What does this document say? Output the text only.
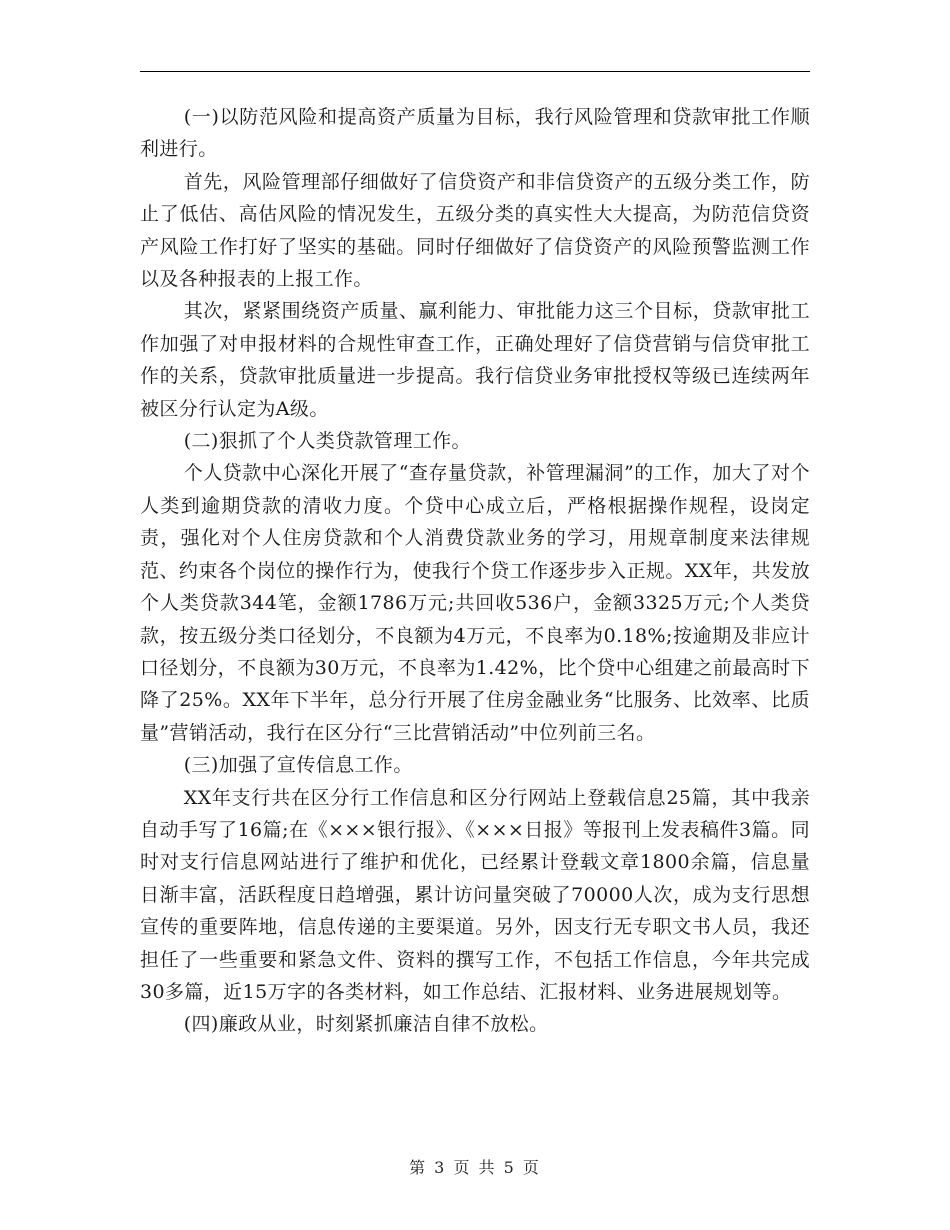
(一)以防范风险和提高资产质量为目标，我行风险管理和贷款审批工作顺利进行。

首先，风险管理部仔细做好了信贷资产和非信贷资产的五级分类工作，防止了低估、高估风险的情况发生，五级分类的真实性大大提高，为防范信贷资产风险工作打好了坚实的基础。同时仔细做好了信贷资产的风险预警监测工作以及各种报表的上报工作。

其次，紧紧围绕资产质量、赢利能力、审批能力这三个目标，贷款审批工作加强了对申报材料的合规性审查工作，正确处理好了信贷营销与信贷审批工作的关系，贷款审批质量进一步提高。我行信贷业务审批授权等级已连续两年被区分行认定为A级。

(二)狠抓了个人类贷款管理工作。

个人贷款中心深化开展了“查存量贷款，补管理漏洞”的工作，加大了对个人类到逾期贷款的清收力度。个贷中心成立后，严格根据操作规程，设岗定责，强化对个人住房贷款和个人消费贷款业务的学习，用规章制度来法律规范、约束各个岗位的操作行为，使我行个贷工作逐步步入正规。XX年，共发放个人类贷款344笔，金额1786万元;共回收536户，金额3325万元;个人类贷款，按五级分类口径划分，不良额为4万元，不良率为0.18%;按逾期及非应计口径划分，不良额为30万元，不良率为1.42%，比个贷中心组建之前最高时下降了25%。XX年下半年，总分行开展了住房金融业务“比服务、比效率、比质量”营销活动，我行在区分行“三比营销活动”中位列前三名。

(三)加强了宣传信息工作。

XX年支行共在区分行工作信息和区分行网站上登载信息25篇，其中我亲自动手写了16篇;在《×××银行报》、《×××日报》等报刊上发表稿件3篇。同时对支行信息网站进行了维护和优化，已经累计登载文章1800余篇，信息量日渐丰富，活跃程度日趋增强，累计访问量突破了70000人次，成为支行思想宣传的重要阵地，信息传递的主要渠道。另外，因支行无专职文书人员，我还担任了一些重要和紧急文件、资料的撰写工作，不包括工作信息，今年共完成30多篇，近15万字的各类材料，如工作总结、汇报材料、业务进展规划等。

(四)廉政从业，时刻紧抓廉洁自律不放松。

第 3 页 共 5 页
